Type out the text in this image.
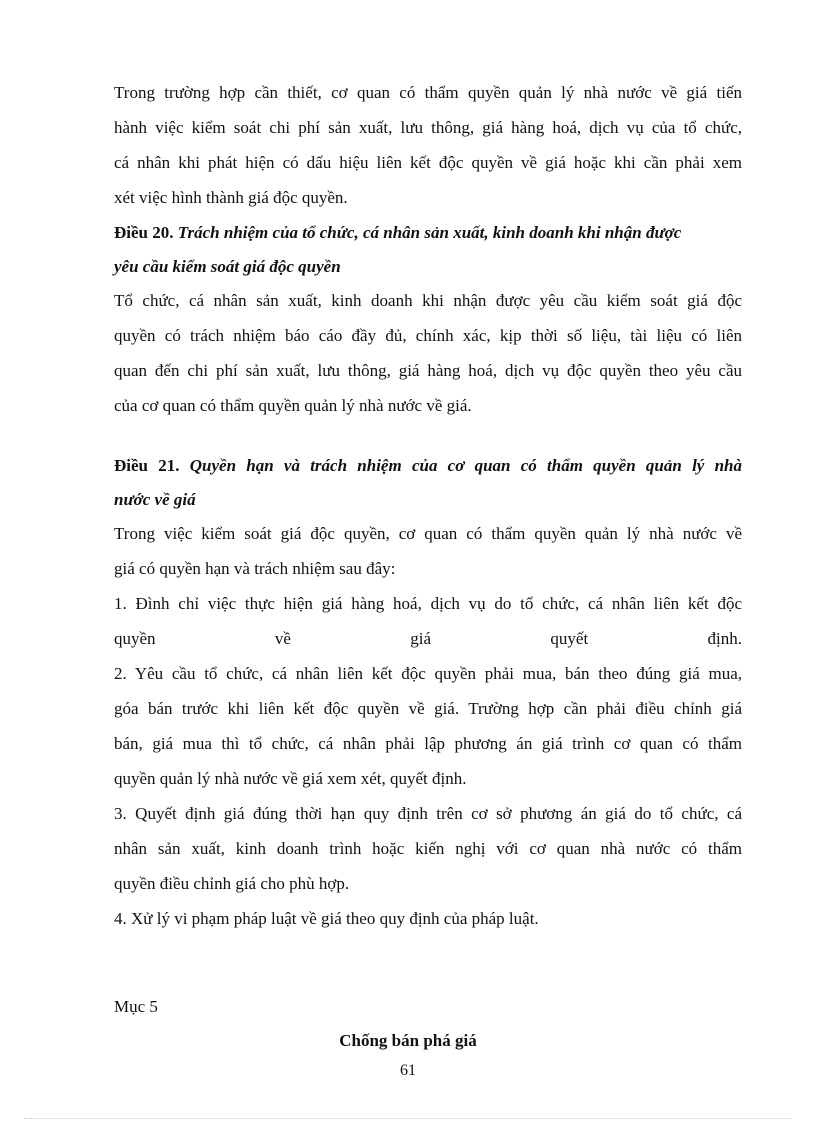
Trong trường hợp cần thiết, cơ quan có thẩm quyền quản lý nhà nước về giá tiến
hành việc kiểm soát chi phí sản xuất, lưu thông, giá hàng hoá, dịch vụ của tổ chức,
cá nhân khi phát hiện có dấu hiệu liên kết độc quyền về giá hoặc khi cần phải xem
xét việc hình thành giá độc quyền.
Điều 20. Trách nhiệm của tổ chức, cá nhân sản xuất, kinh doanh khi nhận được
yêu cầu kiểm soát giá độc quyền
Tổ chức, cá nhân sản xuất, kinh doanh khi nhận được yêu cầu kiểm soát giá độc
quyền có trách nhiệm báo cáo đầy đủ, chính xác, kịp thời số liệu, tài liệu có liên
quan đến chi phí sản xuất, lưu thông, giá hàng hoá, dịch vụ độc quyền theo yêu cầu
của cơ quan có thẩm quyền quản lý nhà nước về giá.
Điều 21. Quyền hạn và trách nhiệm của cơ quan có thẩm quyền quản lý nhà
nước về giá
Trong việc kiểm soát giá độc quyền, cơ quan có thẩm quyền quản lý nhà nước về
giá có quyền hạn và trách nhiệm sau đây:
1. Đình chỉ việc thực hiện giá hàng hoá, dịch vụ do tổ chức, cá nhân liên kết độc
quyền về giá quyết định.
2. Yêu cầu tổ chức, cá nhân liên kết độc quyền phải mua, bán theo đúng giá mua,
góa bán trước khi liên kết độc quyền về giá. Trường hợp cần phải điều chỉnh giá
bán, giá mua thì tổ chức, cá nhân phải lập phương án giá trình cơ quan có thẩm
quyền quản lý nhà nước về giá xem xét, quyết định.
3. Quyết định giá đúng thời hạn quy định trên cơ sở phương án giá do tổ chức, cá
nhân sản xuất, kinh doanh trình hoặc kiến nghị với cơ quan nhà nước có thẩm
quyền điều chỉnh giá cho phù hợp.
4. Xử lý vi phạm pháp luật về giá theo quy định của pháp luật.
Mục 5
Chống bán phá giá
61
